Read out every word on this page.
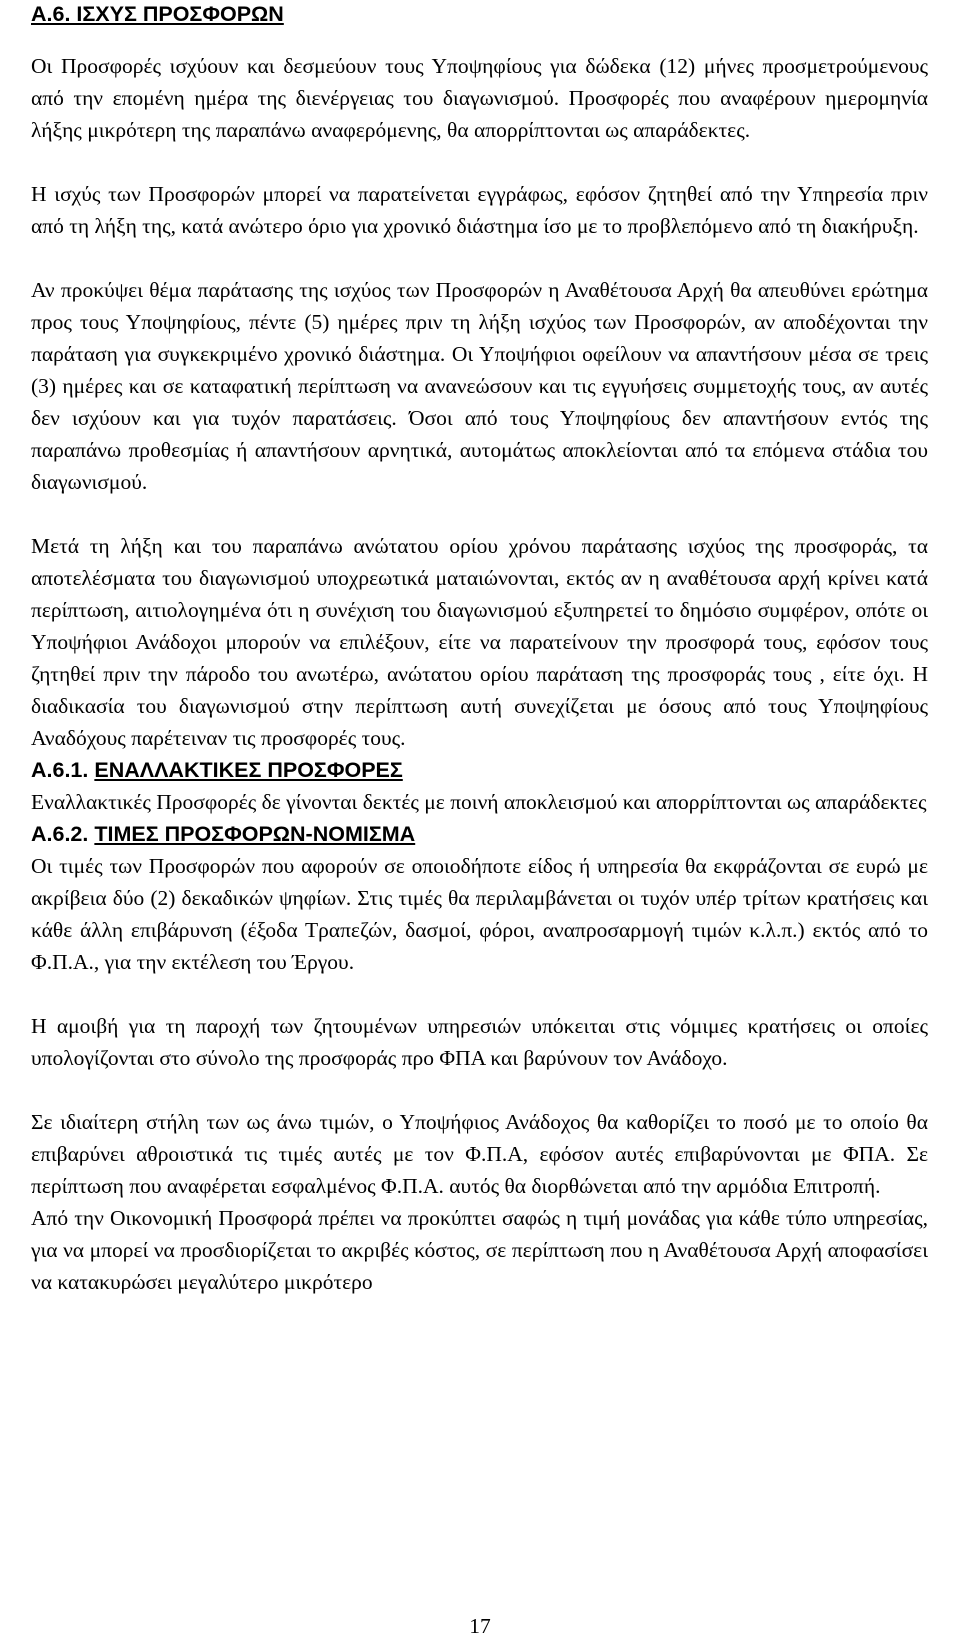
Α.6. ΙΣΧΥΣ ΠΡΟΣΦΟΡΩΝ

Οι Προσφορές ισχύουν και δεσμεύουν τους Υποψηφίους για δώδεκα (12) μήνες προσμετρούμενους από την επομένη ημέρα της διενέργειας του διαγωνισμού. Προσφορές που αναφέρουν ημερομηνία λήξης μικρότερη της παραπάνω αναφερόμενης, θα απορρίπτονται ως απαράδεκτες.

Η ισχύς των Προσφορών μπορεί να παρατείνεται εγγράφως, εφόσον ζητηθεί από την Υπηρεσία πριν από τη λήξη της, κατά ανώτερο όριο για χρονικό διάστημα ίσο με το προβλεπόμενο από τη διακήρυξη.

Αν προκύψει θέμα παράτασης της ισχύος των Προσφορών η Αναθέτουσα Αρχή θα απευθύνει ερώτημα προς τους Υποψηφίους, πέντε (5) ημέρες πριν τη λήξη ισχύος των Προσφορών, αν αποδέχονται την παράταση για συγκεκριμένο χρονικό διάστημα. Οι Υποψήφιοι οφείλουν να απαντήσουν μέσα σε τρεις (3) ημέρες και σε καταφατική περίπτωση να ανανεώσουν και τις εγγυήσεις συμμετοχής τους, αν αυτές δεν ισχύουν και για τυχόν παρατάσεις. Όσοι από τους Υποψηφίους δεν απαντήσουν εντός της παραπάνω προθεσμίας ή απαντήσουν αρνητικά, αυτομάτως αποκλείονται από τα επόμενα στάδια του διαγωνισμού.

Μετά τη λήξη και του παραπάνω ανώτατου ορίου χρόνου παράτασης ισχύος της προσφοράς, τα αποτελέσματα του διαγωνισμού υποχρεωτικά ματαιώνονται, εκτός αν η αναθέτουσα αρχή κρίνει κατά περίπτωση, αιτιολογημένα ότι η συνέχιση του διαγωνισμού εξυπηρετεί το δημόσιο συμφέρον, οπότε οι Υποψήφιοι Ανάδοχοι μπορούν να επιλέξουν, είτε να παρατείνουν την προσφορά τους, εφόσον τους ζητηθεί πριν την πάροδο του ανωτέρω, ανώτατου ορίου παράταση της προσφοράς τους , είτε όχι. Η διαδικασία του διαγωνισμού στην περίπτωση αυτή συνεχίζεται με όσους από τους Υποψηφίους Αναδόχους παρέτειναν τις προσφορές τους.

Α.6.1. ΕΝΑΛΛΑΚΤΙΚΕΣ ΠΡΟΣΦΟΡΕΣ

Εναλλακτικές Προσφορές δε γίνονται δεκτές με ποινή αποκλεισμού και απορρίπτονται ως απαράδεκτες

Α.6.2. ΤΙΜΕΣ ΠΡΟΣΦΟΡΩΝ-ΝΟΜΙΣΜΑ

Οι τιμές των Προσφορών που αφορούν σε οποιοδήποτε είδος ή υπηρεσία θα εκφράζονται σε ευρώ με ακρίβεια δύο (2) δεκαδικών ψηφίων. Στις τιμές θα περιλαμβάνεται οι τυχόν υπέρ τρίτων κρατήσεις και κάθε άλλη επιβάρυνση (έξοδα Τραπεζών, δασμοί, φόροι, αναπροσαρμογή τιμών κ.λ.π.) εκτός από το Φ.Π.Α., για την εκτέλεση του Έργου.

Η αμοιβή για τη παροχή των ζητουμένων υπηρεσιών υπόκειται στις νόμιμες κρατήσεις οι οποίες υπολογίζονται στο σύνολο της προσφοράς προ ΦΠΑ και βαρύνουν τον Ανάδοχο.

Σε ιδιαίτερη στήλη των ως άνω τιμών, ο Υποψήφιος Ανάδοχος θα καθορίζει το ποσό με το οποίο θα επιβαρύνει αθροιστικά τις τιμές αυτές με τον Φ.Π.Α, εφόσον αυτές επιβαρύνονται με ΦΠΑ. Σε περίπτωση που αναφέρεται εσφαλμένος Φ.Π.Α. αυτός θα διορθώνεται από την αρμόδια Επιτροπή.

Από την Οικονομική Προσφορά πρέπει να προκύπτει σαφώς η τιμή μονάδας για κάθε τύπο υπηρεσίας, για να μπορεί να προσδιορίζεται το ακριβές κόστος, σε περίπτωση που η Αναθέτουσα Αρχή αποφασίσει να κατακυρώσει μεγαλύτερο μικρότερο

17
